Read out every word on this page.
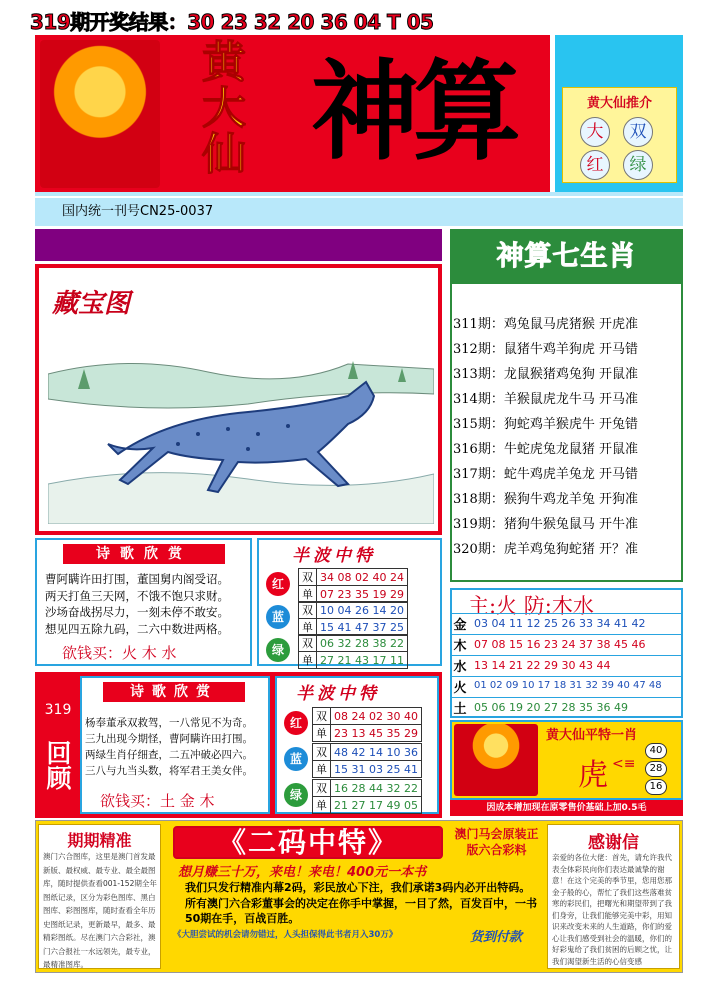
319期开奖结果：30 23 32 20 36 04 T 05
黄
大
仙 神算	黄大仙推介
大	双
红	绿
国内统一刊号CN25-0037
藏宝图
神算七生肖
311期：鸡兔鼠马虎猪猴 开虎准
312期：鼠猪牛鸡羊狗虎 开马错
313期：龙鼠猴猪鸡兔狗 开鼠准
314期：羊猴鼠虎龙牛马 开马准
315期：狗蛇鸡羊猴虎牛 开兔错
316期：牛蛇虎兔龙鼠猪 开鼠准
317期：蛇牛鸡虎羊兔龙 开马错
318期：猴狗牛鸡龙羊兔 开狗准
319期：猪狗牛猴兔鼠马 开牛准
320期：虎羊鸡兔狗蛇猪 开？准
诗歌欣赏
曹阿瞒许田打围，董国舅内阁受诏。
两天打鱼三天网，不饿不饱只求财。
沙场奋战拐尽力，一刻未停不敢安。
想见四五除九码，二六中数进两格。
欲钱买：火 木 水
半波中特
红	双	34 08 02 40 24
单	07 23 35 19 29
蓝	双	10 04 26 14 20
单	15 41 47 37 25
绿	双	06 32 28 38 22
单	27 21 43 17 11
319
回顾
诗歌欣赏
杨奉董承双救驾，一八常见不为奇。
三九出现今期怪，曹阿瞒许田打围。
两绿生肖仔细查，二五冲破必四六。
三八与九当头数，将军君王美女伴。
欲钱买：土 金 木
半波中特
红	双	08 24 02 30 40
单	23 13 45 35 29
蓝	双	48 42 14 10 36
单	15 31 03 25 41
绿	双	16 28 44 32 22
单	21 27 17 49 05
主:火 防:木水
金 03 04 11 12 25 26 33 34 41 42
木 07 08 15 16 23 24 37 38 45 46
水 13 14 21 22 29 30 43 44
火 01 02 09 10 17 18 31 32 39 40 47 48
土 05 06 19 20 27 28 35 36 49
黄大仙平特一肖
虎 <≡
40
28
16
因成本增加现在原零售价基础上加0.5毛
期期精准
澳门六合图库，这里是澳门首发最新版、最权威、最专业、最全最图库，随时提供查看001-152期全年图纸记录，区分为彩色图库、黑白图库、彩图图库，随时查看全年历史图纸记录，更新最早，最多、最精彩图纸。尽在澳门六合彩社，澳门六合报社一水远领先，最专业，最精准图库。
《二码中特》	澳门马会原装正版六合彩料
想月赚三十万，来电！来电！400元一本书
我们只发行精准内幕2码，彩民放心下注，我们承诺3码内必开出特码。所有澳门六合彩董事会的决定在你手中掌握，一目了然，百发百中，一书50期在手，百战百胜。
《大胆尝试的机会请勿错过，人头担保得此书者月入30万》	货到付款
感谢信
亲爱的各位大佬：首先，请允许我代表全体彩民向你们表达最诚挚的谢意！在这个完美的季节里，您用您那金子般的心，帮忙了我们这些落难贫寒的彩民们，把曙光和期望带到了我们身旁，让我们能够完美中彩，用知识来改变未来的人生道路，你们的爱心让我们感受到社会的温暖，你们的好彩鬼给了我们贫困的后顾之忧，让我们渴望新生活的心信变感
